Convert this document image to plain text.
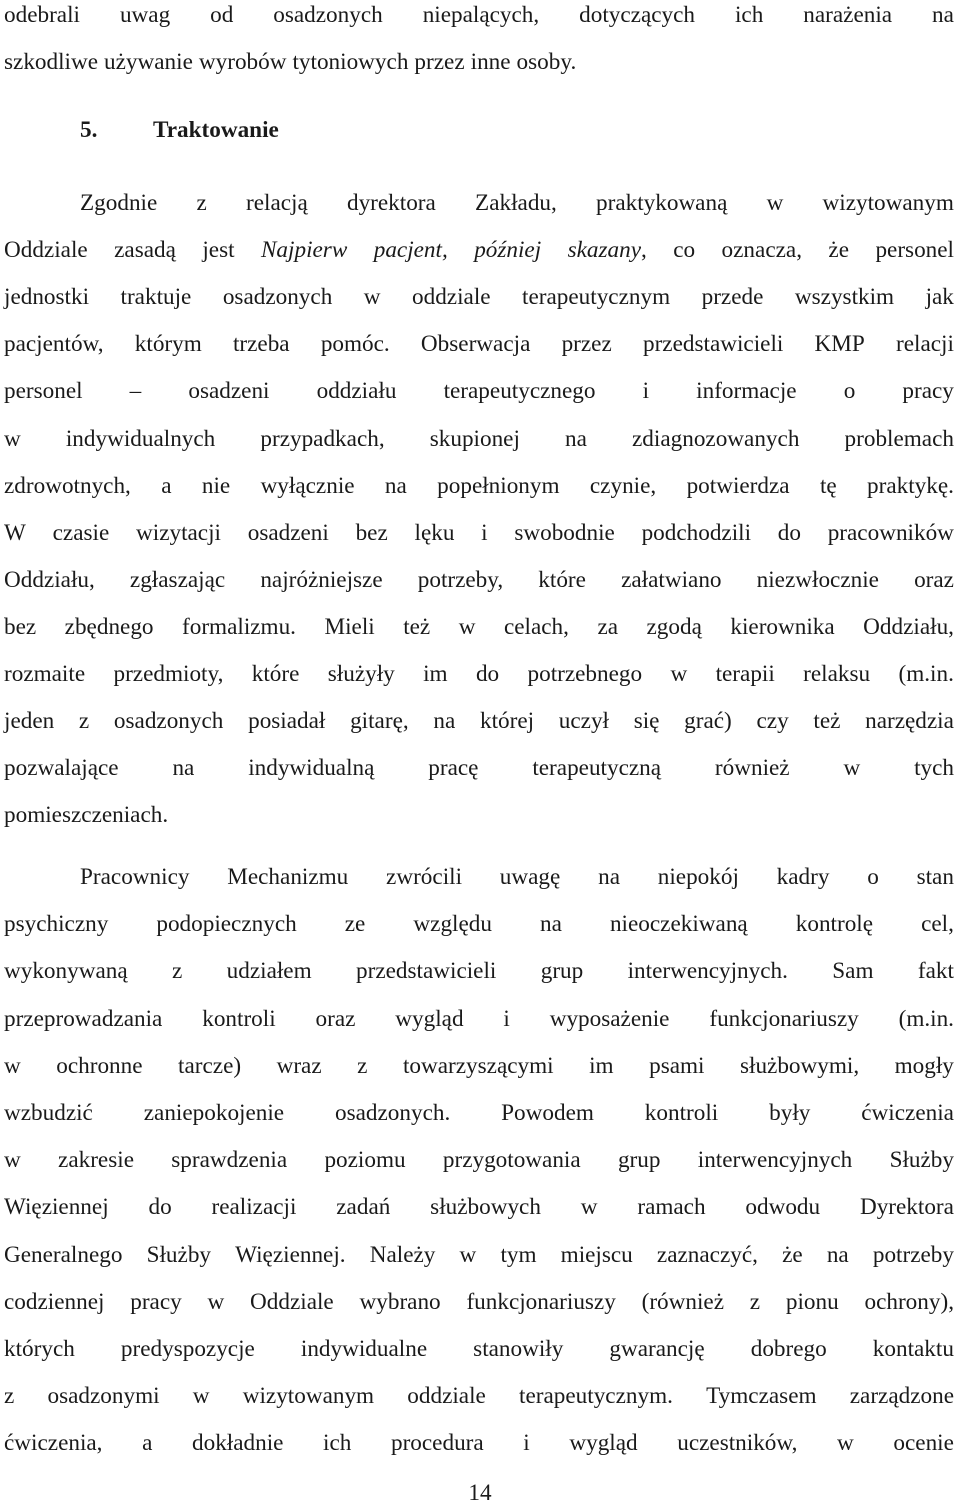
odebrali uwag od osadzonych niepalących, dotyczących ich narażenia na
szkodliwe używanie wyrobów tytoniowych przez inne osoby.
Zgodnie z relacją dyrektora Zakładu, praktykowaną w wizytowanym
Oddziale zasadą jest Najpierw pacjent, później skazany, co oznacza, że personel
jednostki traktuje osadzonych w oddziale terapeutycznym przede wszystkim jak
pacjentów, którym trzeba pomóc. Obserwacja przez przedstawicieli KMP relacji
personel – osadzeni oddziału terapeutycznego i informacje o pracy
w indywidualnych przypadkach, skupionej na zdiagnozowanych problemach
zdrowotnych, a nie wyłącznie na popełnionym czynie, potwierdza tę praktykę.
W czasie wizytacji osadzeni bez lęku i swobodnie podchodzili do pracowników
Oddziału, zgłaszając najróżniejsze potrzeby, które załatwiano niezwłocznie oraz
bez zbędnego formalizmu. Mieli też w celach, za zgodą kierownika Oddziału,
rozmaite przedmioty, które służyły im do potrzebnego w terapii relaksu (m.in.
jeden z osadzonych posiadał gitarę, na której uczył się grać) czy też narzędzia
pozwalające na indywidualną pracę terapeutyczną również w tych
pomieszczeniach.
Pracownicy Mechanizmu zwrócili uwagę na niepokój kadry o stan
psychiczny podopiecznych ze względu na nieoczekiwaną kontrolę cel,
wykonywaną z udziałem przedstawicieli grup interwencyjnych. Sam fakt
przeprowadzania kontroli oraz wygląd i wyposażenie funkcjonariuszy (m.in.
w ochronne tarcze) wraz z towarzyszącymi im psami służbowymi, mogły
wzbudzić zaniepokojenie osadzonych. Powodem kontroli były ćwiczenia
w zakresie sprawdzenia poziomu przygotowania grup interwencyjnych Służby
Więziennej do realizacji zadań służbowych w ramach odwodu Dyrektora
Generalnego Służby Więziennej. Należy w tym miejscu zaznaczyć, że na potrzeby
codziennej pracy w Oddziale wybrano funkcjonariuszy (również z pionu ochrony),
których predyspozycje indywidualne stanowiły gwarancję dobrego kontaktu
z osadzonymi w wizytowanym oddziale terapeutycznym. Tymczasem zarządzone
ćwiczenia, a dokładnie ich procedura i wygląd uczestników, w ocenie
5. Traktowanie
14
